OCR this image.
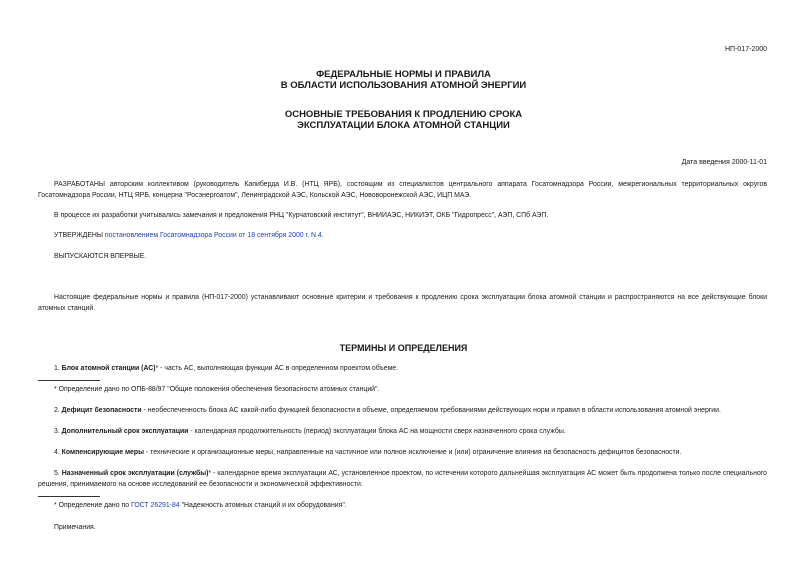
НП-017-2000
ФЕДЕРАЛЬНЫЕ НОРМЫ И ПРАВИЛА
В ОБЛАСТИ ИСПОЛЬЗОВАНИЯ АТОМНОЙ ЭНЕРГИИ
ОСНОВНЫЕ ТРЕБОВАНИЯ К ПРОДЛЕНИЮ СРОКА
ЭКСПЛУАТАЦИИ БЛОКА АТОМНОЙ СТАНЦИИ
Дата введения 2000-11-01
РАЗРАБОТАНЫ авторским коллективом (руководитель Капиберда И.В. (НТЦ ЯРБ), состоящим из специалистов центрального аппарата Госатомнадзора России, межрегиональных территориальных округов Госатомнадзора России, НТЦ ЯРБ, концерна "Росэнергоатом", Ленинградской АЭС, Кольской АЭС, Нововоронежской АЭС, ИЦП МАЭ.
В процессе их разработки учитывались замечания и предложения РНЦ "Курчатовский институт", ВНИИАЭС, НИКИЭТ, ОКБ "Гидропресс", АЭП, СПб АЭП.
УТВЕРЖДЕНЫ постановлением Госатомнадзора России от 18 сентября 2000 г. N 4.
ВЫПУСКАЮТСЯ ВПЕРВЫЕ.
Настоящие федеральные нормы и правила (НП-017-2000) устанавливают основные критерии и требования к продлению срока эксплуатации блока атомной станции и распространяются на все действующие блоки атомных станций.
ТЕРМИНЫ И ОПРЕДЕЛЕНИЯ
1. Блок атомной станции (АС)* - часть АС, выполняющая функции АС в определенном проектом объеме.
* Определение дано по ОПБ-88/97 "Общие положения обеспечения безопасности атомных станций".
2. Дефицит безопасности - необеспеченность блока АС какой-либо функцией безопасности в объеме, определяемом требованиями действующих норм и правил в области использования атомной энергии.
3. Дополнительный срок эксплуатации - календарная продолжительность (период) эксплуатации блока АС на мощности сверх назначенного срока службы.
4. Компенсирующие меры - технические и организационные меры, направленные на частичное или полное исключение и (или) ограничение влияния на безопасность дефицитов безопасности.
5. Назначенный срок эксплуатации (службы)* - календарное время эксплуатации АС, установленное проектом, по истечении которого дальнейшая эксплуатация АС может быть продолжена только после специального решения, принимаемого на основе исследований ее безопасности и экономической эффективности.
* Определение дано по ГОСТ 26291-84 "Надежность атомных станций и их оборудования".
Примечания.
